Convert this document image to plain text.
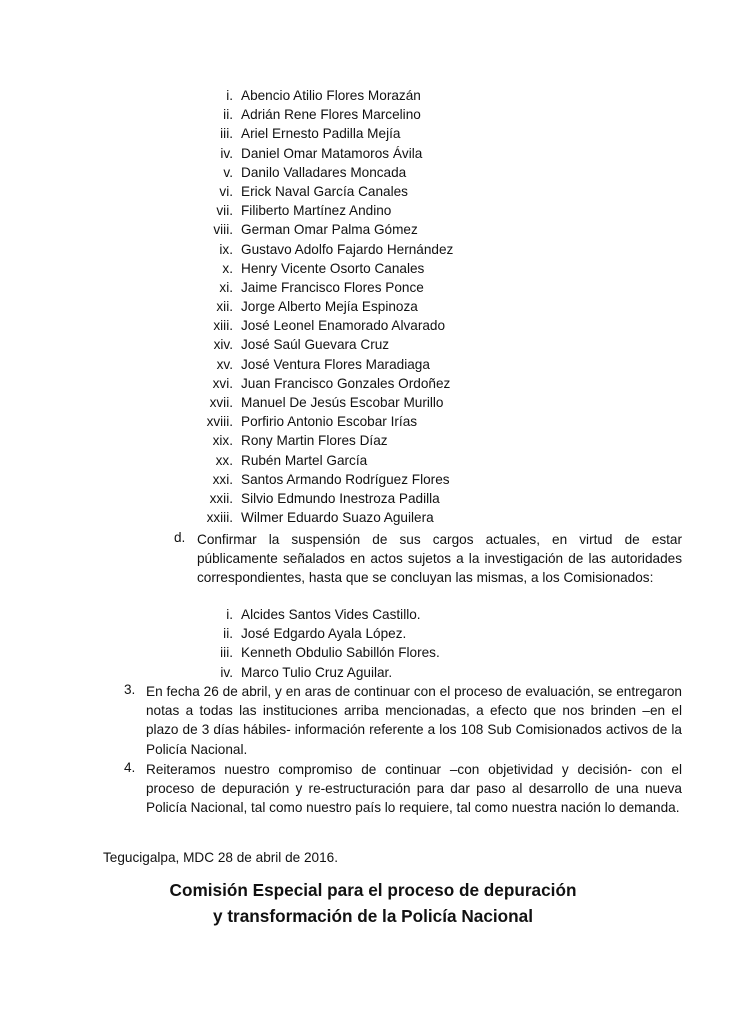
i. Abencio Atilio Flores Morazán
ii. Adrián Rene Flores Marcelino
iii. Ariel Ernesto Padilla Mejía
iv. Daniel Omar Matamoros Ávila
v. Danilo Valladares Moncada
vi. Erick Naval García Canales
vii. Filiberto Martínez Andino
viii. German Omar Palma Gómez
ix. Gustavo Adolfo Fajardo Hernández
x. Henry Vicente Osorto Canales
xi. Jaime Francisco Flores Ponce
xii. Jorge Alberto Mejía Espinoza
xiii. José Leonel Enamorado Alvarado
xiv. José Saúl Guevara Cruz
xv. José Ventura Flores Maradiaga
xvi. Juan Francisco Gonzales Ordoñez
xvii. Manuel De Jesús Escobar Murillo
xviii. Porfirio Antonio Escobar Irías
xix. Rony Martin Flores Díaz
xx. Rubén Martel García
xxi. Santos Armando Rodríguez Flores
xxii. Silvio Edmundo Inestroza Padilla
xxiii. Wilmer Eduardo Suazo Aguilera
d. Confirmar la suspensión de sus cargos actuales, en virtud de estar públicamente señalados en actos sujetos a la investigación de las autoridades correspondientes, hasta que se concluyan las mismas, a los Comisionados:
i. Alcides Santos Vides Castillo.
ii. José Edgardo Ayala López.
iii. Kenneth Obdulio Sabillón Flores.
iv. Marco Tulio Cruz Aguilar.
3. En fecha 26 de abril, y en aras de continuar con el proceso de evaluación, se entregaron notas a todas las instituciones arriba mencionadas, a efecto que nos brinden –en el plazo de 3 días hábiles- información referente a los 108 Sub Comisionados activos de la Policía Nacional.
4. Reiteramos nuestro compromiso de continuar –con objetividad y decisión- con el proceso de depuración y re-estructuración para dar paso al desarrollo de una nueva Policía Nacional, tal como nuestro país lo requiere, tal como nuestra nación lo demanda.
Tegucigalpa, MDC 28 de abril de 2016.
Comisión Especial para el proceso de depuración
y transformación de la Policía Nacional
